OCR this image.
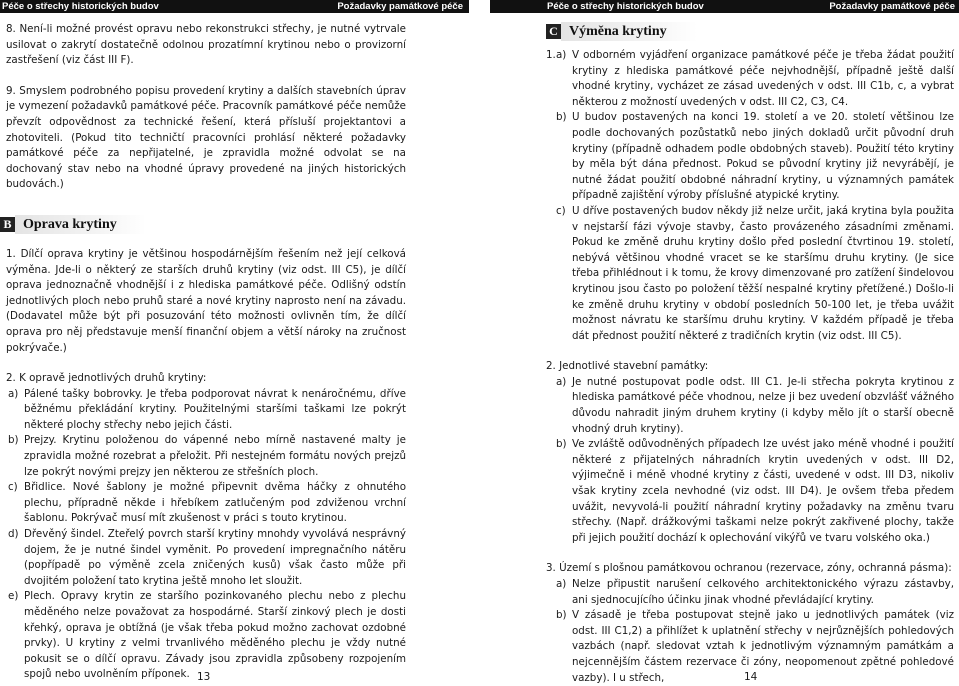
Péče o střechy historických budov	Požadavky památkové péče	Péče o střechy historických budov	Požadavky památkové péče

8. Není-li možné provést opravu nebo rekonstrukci střechy, je nutné vytrvale usilovat o zakrytí dostatečně odolnou prozatímní krytinou nebo o provizorní zastřešení (viz část III F).

9. Smyslem podrobného popisu provedení krytiny a dalších stavebních úprav je vymezení požadavků památkové péče. Pracovník památkové péče nemůže převzít odpovědnost za technické řešení, která přísluší projektantovi a zhotoviteli. (Pokud tito techničtí pracovníci prohlásí některé požadavky památkové péče za nepřijatelné, je zpravidla možné odvolat se na dochovaný stav nebo na vhodné úpravy provedené na jiných historických budovách.)

B Oprava krytiny

1. Dílčí oprava krytiny je většinou hospodárnějším řešením než její celková výměna. Jde-li o některý ze starších druhů krytiny (viz odst. III C5), je dílčí oprava jednoznačně vhodnější i z hlediska památkové péče. Odlišný odstín jednotlivých ploch nebo pruhů staré a nové krytiny naprosto není na závadu. (Dodavatel může být při posuzování této možnosti ovlivněn tím, že dílčí oprava pro něj představuje menší finanční objem a větší nároky na zručnost pokrývače.)

2. K opravě jednotlivých druhů krytiny:

a) Pálené tašky bobrovky. Je třeba podporovat návrat k nenáročnému, dříve běžnému překládání krytiny. Použitelnými staršími taškami lze pokrýt některé plochy střechy nebo jejich části.
b) Prejzy. Krytinu položenou do vápenné nebo mírně nastavené malty je zpravidla možné rozebrat a přeložit. Při nestejném formátu nových prejzů lze pokrýt novými prejzy jen některou ze střešních ploch.
c) Břidlice. Nové šablony je možné připevnit dvěma háčky z ohnutého plechu, přípradně někde i hřebíkem zatlučeným pod zdviženou vrchní šablonu. Pokrývač musí mít zkušenost v práci s touto krytinou.
d) Dřevěný šindel. Zteřelý povrch starší krytiny mnohdy vyvolává nesprávný dojem, že je nutné šindel vyměnit. Po provedení impregnačního nátěru (popřípadě po výměně zcela zničených kusů) však často může při dvojitém položení tato krytina ještě mnoho let sloužit.
e) Plech. Opravy krytin ze staršího pozinkovaného plechu nebo z plechu měděného nelze považovat za hospodárné. Starší zinkový plech je dosti křehký, oprava je obtížná (je však třeba pokud možno zachovat ozdobné prvky). U krytiny z velmi trvanlivého měděného plechu je vždy nutné pokusit se o dílčí opravu. Závady jsou zpravidla způsobeny rozpojením spojů nebo uvolněním příponek.
C Výměna krytiny
1. a) V odborném vyjádření organizace památkové péče je třeba žádat použití krytiny z hlediska památkové péče nejvhodnější, případně ještě další vhodné krytiny, vycházet ze zásad uvedených v odst. III C1b, c, a vybrat některou z možností uvedených v odst. III C2, C3, C4.
b) U budov postavených na konci 19. století a ve 20. století většinou lze podle dochovaných pozůstatků nebo jiných dokladů určit původní druh krytiny (případně odhadem podle obdobných staveb). Použití této krytiny by měla být dána přednost. Pokud se původní krytiny již nevyrábějí, je nutné žádat použití obdobné náhradní krytiny, u významných památek případně zajištění výroby příslušné atypické krytiny.
c) U dříve postavených budov někdy již nelze určit, jaká krytina byla použita v nejstarší fázi vývoje stavby, často provázeného zásadními změnami. Pokud ke změně druhu krytiny došlo před poslední čtvrtinou 19. století, nebývá většinou vhodné vracet se ke staršímu druhu krytiny. (Je sice třeba přihlédnout i k tomu, že krovy dimenzované pro zatížení šindelovou krytinou jsou často po položení těžší nespalné krytiny přetížené.) Došlo-li ke změně druhu krytiny v období posledních 50-100 let, je třeba uvážit možnost návratu ke staršímu druhu krytiny. V každém případě je třeba dát přednost použití některé z tradičních krytin (viz odst. III C5).

2. Jednotlivé stavební památky:

a) Je nutné postupovat podle odst. III C1. Je-li střecha pokryta krytinou z hlediska památkové péče vhodnou, nelze ji bez uvedení obzvlášť vážného důvodu nahradit jiným druhem krytiny (i kdyby mělo jít o starší obecně vhodný druh krytiny).
b) Ve zvláště odůvodněných případech lze uvést jako méně vhodné i použití některé z přijatelných náhradních krytin uvedených v odst. III D2, výjimečně i méně vhodné krytiny z části, uvedené v odst. III D3, nikoliv však krytiny zcela nevhodné (viz odst. III D4). Je ovšem třeba předem uvážit, nevyvolá-li použití náhradní krytiny požadavky na změnu tvaru střechy. (Např. drážkovými taškami nelze pokrýt zakřivené plochy, takže při jejich použití dochází k oplechování vikýřů ve tvaru volského oka.)

3. Území s plošnou památkovou ochranou (rezervace, zóny, ochranná pásma):

a) Nelze připustit narušení celkového architektonického výrazu zástavby, ani sjednocujícího účinku jinak vhodné převládající krytiny.
b) V zásadě je třeba postupovat stejně jako u jednotlivých památek (viz odst. III C1,2) a přihlížet k uplatnění střechy v nejrůznějších pohledových vazbách (např. sledovat vztah k jednotlivým významným památkám a nejcennějším částem rezervace či zóny, neopomenout zpětné pohledové vazby). I u střech,
13	14
